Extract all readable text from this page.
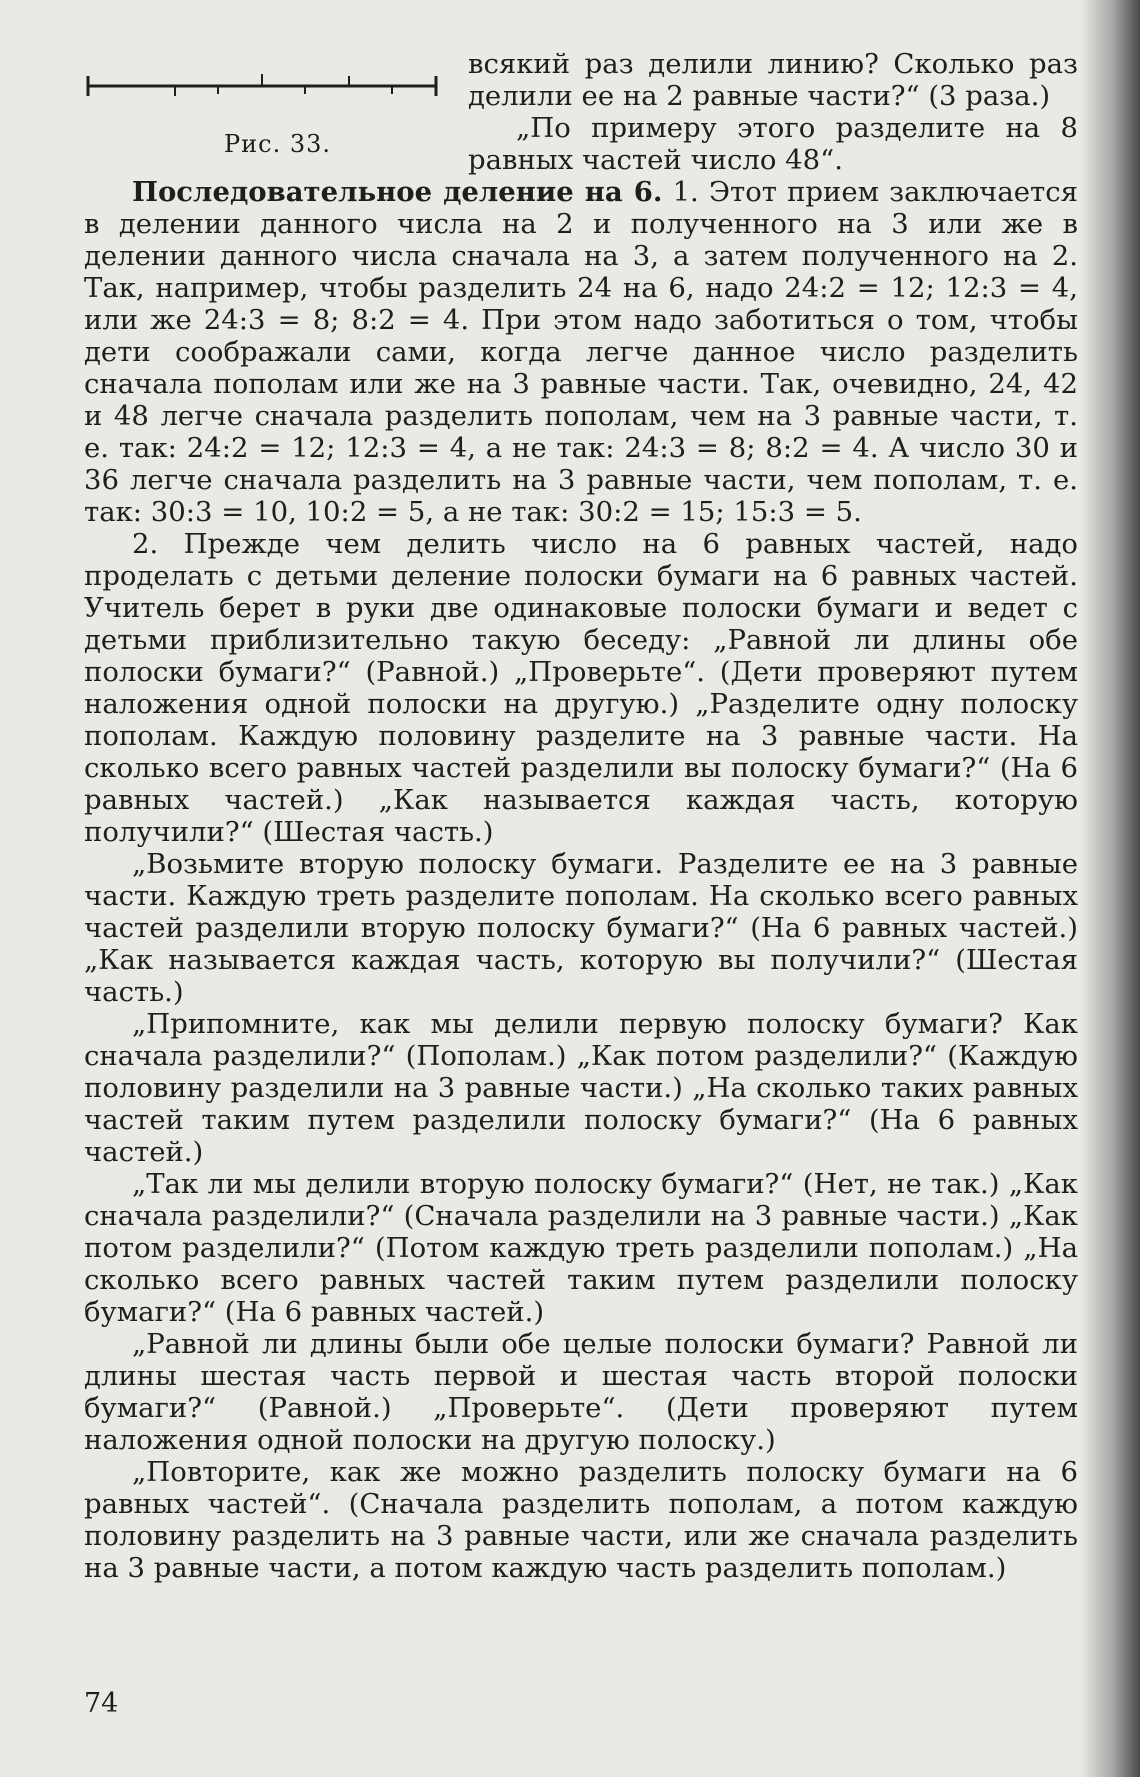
Рис. 33.

всякий раз делили линию? Сколько раз делили ее на 2 равные части?“ (3 раза.)

„По примеру этого разделите на 8 равных частей число 48“.

Последовательное деление на 6. 1. Этот прием заключается в делении данного числа на 2 и полученного на 3 или же в делении данного числа сначала на 3, а затем полученного на 2. Так, например, чтобы разделить 24 на 6, надо 24:2 = 12; 12:3 = 4, или же 24:3 = 8; 8:2 = 4. При этом надо заботиться о том, чтобы дети соображали сами, когда легче данное число разделить сначала пополам или же на 3 равные части. Так, очевидно, 24, 42 и 48 легче сначала разделить пополам, чем на 3 равные части, т. е. так: 24:2 = 12; 12:3 = 4, а не так: 24:3 = 8; 8:2 = 4. А число 30 и 36 легче сначала разделить на 3 равные части, чем пополам, т. е. так: 30:3 = 10, 10:2 = 5, а не так: 30:2 = 15; 15:3 = 5.

2. Прежде чем делить число на 6 равных частей, надо проделать с детьми деление полоски бумаги на 6 равных частей. Учитель берет в руки две одинаковые полоски бумаги и ведет с детьми приблизительно такую беседу: „Равной ли длины обе полоски бумаги?“ (Равной.) „Проверьте“. (Дети проверяют путем наложения одной полоски на другую.) „Разделите одну полоску пополам. Каждую половину разделите на 3 равные части. На сколько всего равных частей разделили вы полоску бумаги?“ (На 6 равных частей.) „Как называется каждая часть, которую получили?“ (Шестая часть.)

„Возьмите вторую полоску бумаги. Разделите ее на 3 равные части. Каждую треть разделите пополам. На сколько всего равных частей разделили вторую полоску бумаги?“ (На 6 равных частей.) „Как называется каждая часть, которую вы получили?“ (Шестая часть.)

„Припомните, как мы делили первую полоску бумаги? Как сначала разделили?“ (Пополам.) „Как потом разделили?“ (Каждую половину разделили на 3 равные части.) „На сколько таких равных частей таким путем разделили полоску бумаги?“ (На 6 равных частей.)

„Так ли мы делили вторую полоску бумаги?“ (Нет, не так.) „Как сначала разделили?“ (Сначала разделили на 3 равные части.) „Как потом разделили?“ (Потом каждую треть разделили пополам.) „На сколько всего равных частей таким путем разделили полоску бумаги?“ (На 6 равных частей.)

„Равной ли длины были обе целые полоски бумаги? Равной ли длины шестая часть первой и шестая часть второй полоски бумаги?“ (Равной.) „Проверьте“. (Дети проверяют путем наложения одной полоски на другую полоску.)

„Повторите, как же можно разделить полоску бумаги на 6 равных частей“. (Сначала разделить пополам, а потом каждую половину разделить на 3 равные части, или же сначала разделить на 3 равные части, а потом каждую часть разделить пополам.)

74
